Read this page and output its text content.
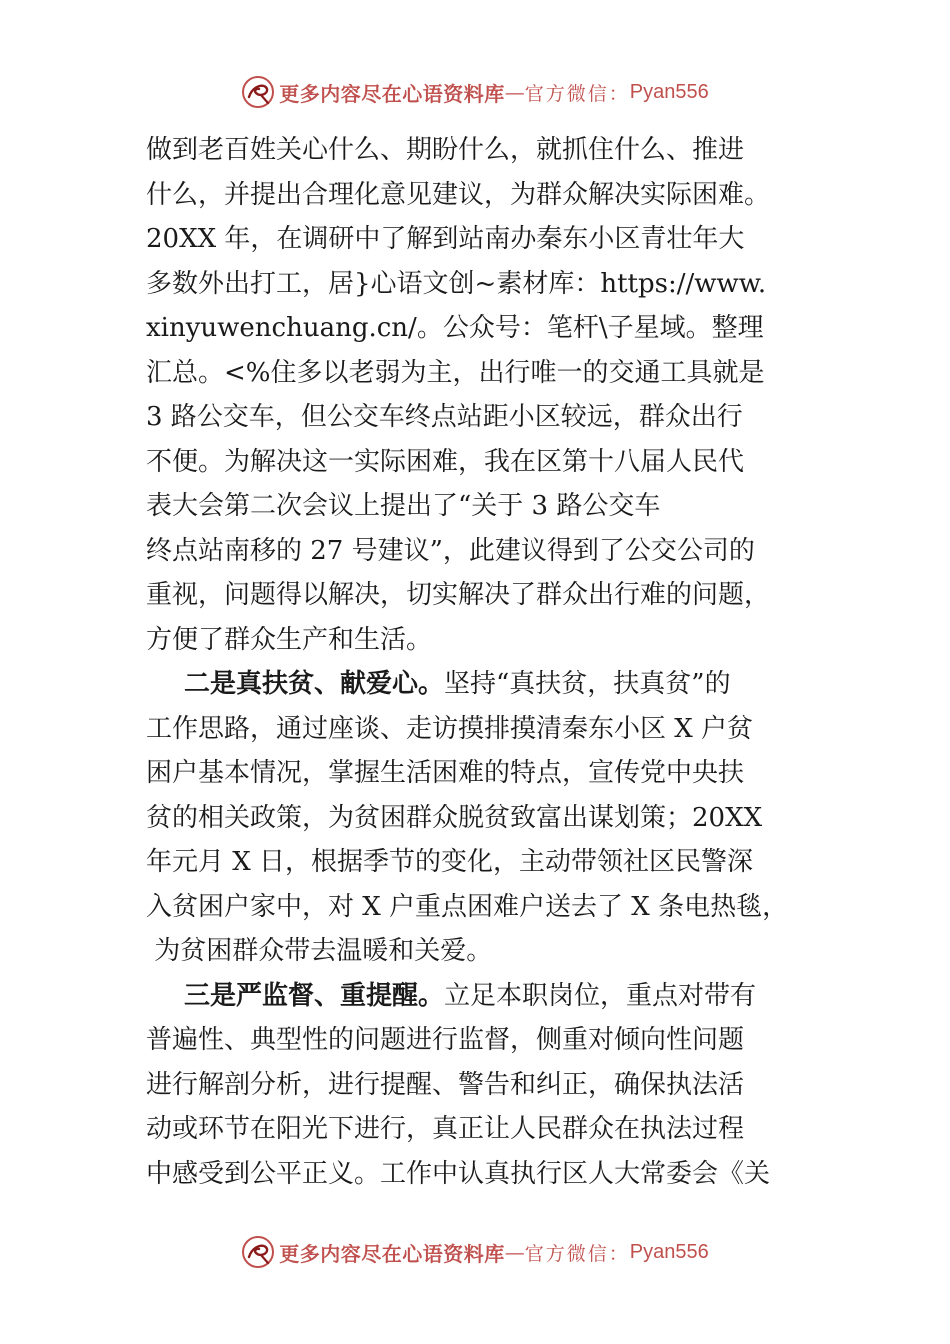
更多内容尽在心语资料库 — 官方微信： Pyan556
做到老百姓关心什么、期盼什么，就抓住什么、推进
什么，并提出合理化意见建议，为群众解决实际困难。
20XX 年，在调研中了解到站南办秦东小区青壮年大
多数外出打工，居}心语文创~素材库：https://www.
xinyuwenchuang.cn/。公众号：笔杆\子星域。整理
汇总。<%住多以老弱为主，出行唯一的交通工具就是
3 路公交车，但公交车终点站距小区较远，群众出行
不便。为解决这一实际困难，我在区第十八届人民代
表大会第二次会议上提出了“关于 3 路公交车
终点站南移的 27 号建议”，此建议得到了公交公司的
重视，问题得以解决，切实解决了群众出行难的问题，
方便了群众生产和生活。
二是真扶贫、献爱心。坚持“真扶贫，扶真贫”的
工作思路，通过座谈、走访摸排摸清秦东小区 X 户贫
困户基本情况，掌握生活困难的特点，宣传党中央扶
贫的相关政策，为贫困群众脱贫致富出谋划策；20XX
年元月 X 日，根据季节的变化，主动带领社区民警深
入贫困户家中，对 X 户重点困难户送去了 X 条电热毯，
为贫困群众带去温暖和关爱。
三是严监督、重提醒。立足本职岗位，重点对带有
普遍性、典型性的问题进行监督，侧重对倾向性问题
进行解剖分析，进行提醒、警告和纠正，确保执法活
动或环节在阳光下进行，真正让人民群众在执法过程
中感受到公平正义。工作中认真执行区人大常委会《关
更多内容尽在心语资料库 — 官方微信： Pyan556
